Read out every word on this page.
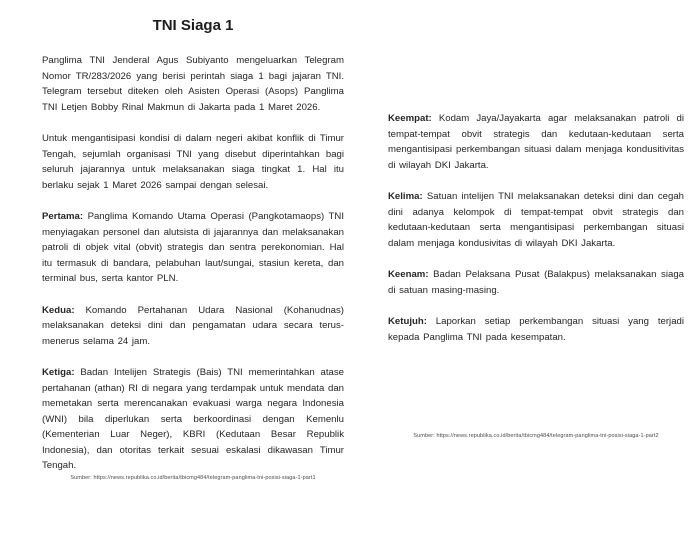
TNI Siaga 1

Panglima TNI Jenderal Agus Subiyanto mengeluarkan Telegram Nomor TR/283/2026 yang berisi perintah siaga 1 bagi jajaran TNI. Telegram tersebut diteken oleh Asisten Operasi (Asops) Panglima TNI Letjen Bobby Rinal Makmun di Jakarta pada 1 Maret 2026.

Untuk mengantisipasi kondisi di dalam negeri akibat konflik di Timur Tengah, sejumlah organisasi TNI yang disebut diperintahkan bagi seluruh jajarannya untuk melaksanakan siaga tingkat 1. Hal itu berlaku sejak 1 Maret 2026 sampai dengan selesai.

Pertama: Panglima Komando Utama Operasi (Pangkotamaops) TNI menyiagakan personel dan alutsista di jajarannya dan melaksanakan patroli di objek vital (obvit) strategis dan sentra perekonomian. Hal itu termasuk di bandara, pelabuhan laut/sungai, stasiun kereta, dan terminal bus, serta kantor PLN.

Kedua: Komando Pertahanan Udara Nasional (Kohanudnas) melaksanakan deteksi dini dan pengamatan udara secara terus-menerus selama 24 jam.

Ketiga: Badan Intelijen Strategis (Bais) TNI memerintahkan atase pertahanan (athan) RI di negara yang terdampak untuk mendata dan memetakan serta merencanakan evakuasi warga negara Indonesia (WNI) bila diperlukan serta berkoordinasi dengan Kemenlu (Kementerian Luar Neger), KBRI (Kedutaan Besar Republik Indonesia), dan otoritas terkait sesuai eskalasi dikawasan Timur Tengah.

Keempat: Kodam Jaya/Jayakarta agar melaksanakan patroli di tempat-tempat obvit strategis dan kedutaan-kedutaan serta mengantisipasi perkembangan situasi dalam menjaga kondusitivitas di wilayah DKI Jakarta.

Kelima: Satuan intelijen TNI melaksanakan deteksi dini dan cegah dini adanya kelompok di tempat-tempat obvit strategis dan kedutaan-kedutaan serta mengantisipasi perkembangan situasi dalam menjaga kondusivitas di wilayah DKI Jakarta.

Keenam: Badan Pelaksana Pusat (Balakpus) melaksanakan siaga di satuan masing-masing.

Ketujuh: Laporkan setiap perkembangan situasi yang terjadi kepada Panglima TNI pada kesempatan.

Sumber: https://news.republika.co.id/berita/tbicmg484/telegram-panglima-tni-posisi-siaga-1-part1
Sumber: https://news.republika.co.id/berita/tbicmg484/telegram-panglima-tni-posisi-siaga-1-part2
